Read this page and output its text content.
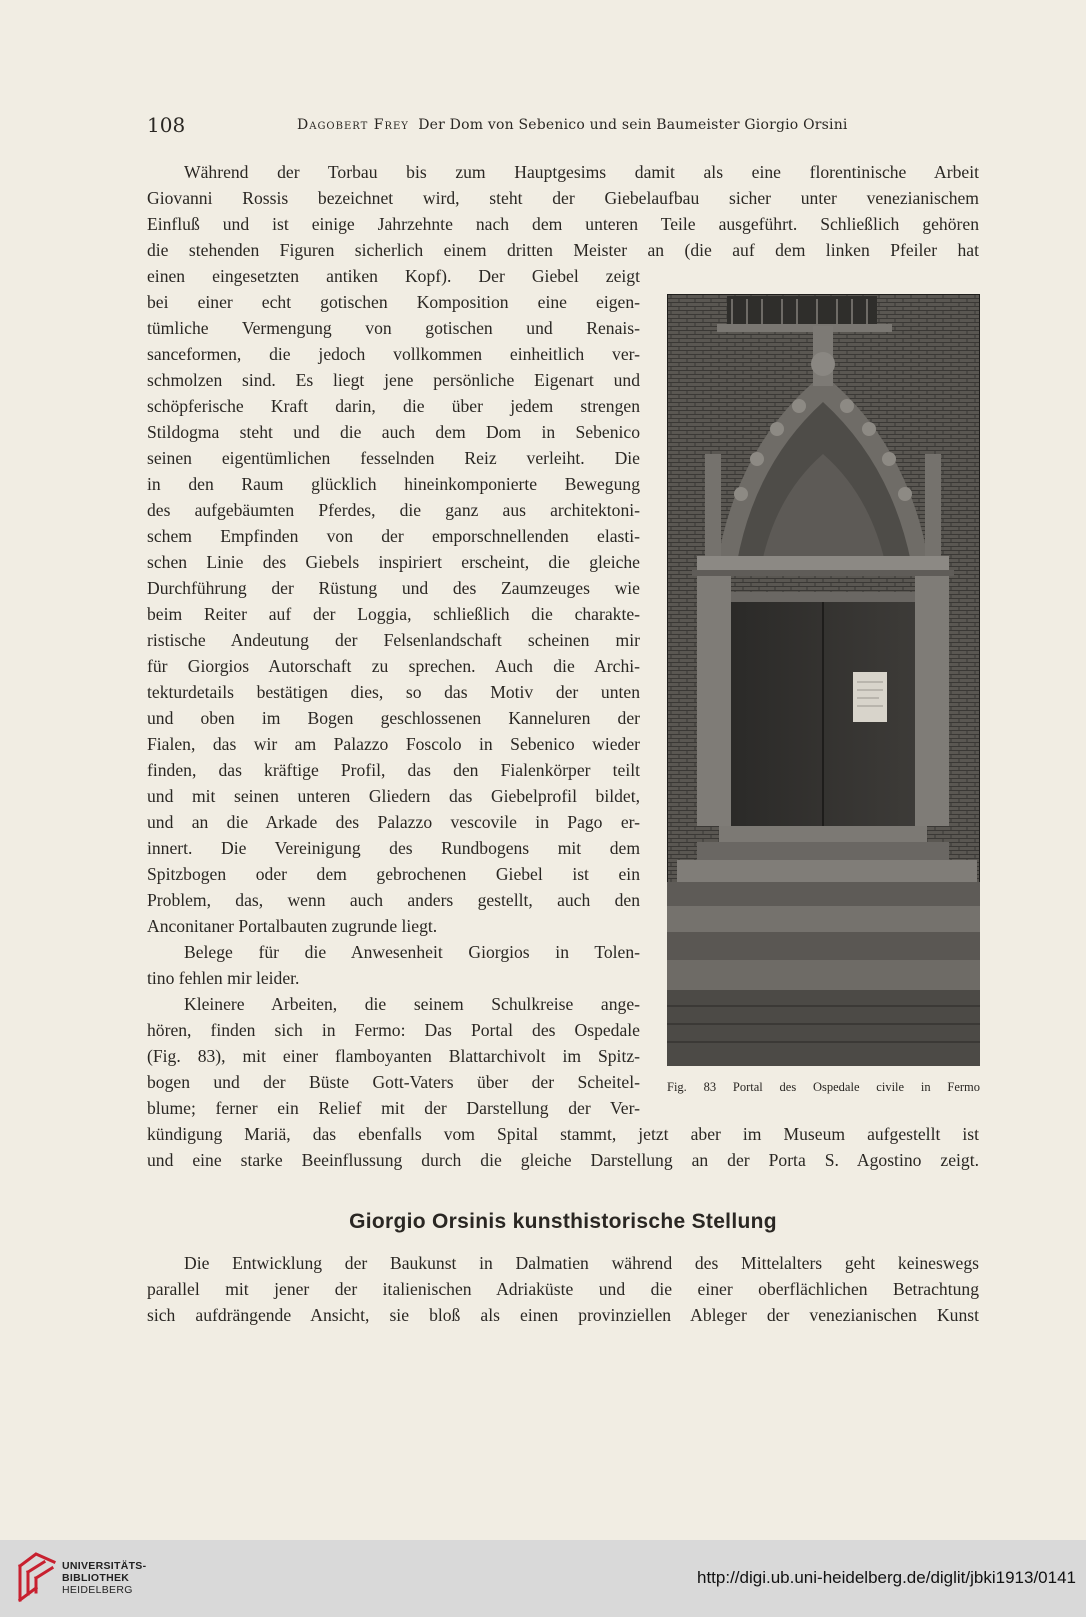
108	Dagobert Frey Der Dom von Sebenico und sein Baumeister Giorgio Orsini

Während der Torbau bis zum Hauptgesims damit als eine florentinische Arbeit

Giovanni Rossis bezeichnet wird, steht der Giebelaufbau sicher unter venezianischem

Einfluß und ist einige Jahrzehnte nach dem unteren Teile ausgeführt. Schließlich gehören

die stehenden Figuren sicherlich einem dritten Meister an (die auf dem linken Pfeiler hat

einen eingesetzten antiken Kopf). Der Giebel zeigt

bei einer echt gotischen Komposition eine eigen-

tümliche Vermengung von gotischen und Renais-

sanceformen, die jedoch vollkommen einheitlich ver-

schmolzen sind. Es liegt jene persönliche Eigenart und

schöpferische Kraft darin, die über jedem strengen

Stildogma steht und die auch dem Dom in Sebenico

seinen eigentümlichen fesselnden Reiz verleiht. Die

in den Raum glücklich hineinkomponierte Bewegung

des aufgebäumten Pferdes, die ganz aus architektoni-

schem Empfinden von der emporschnellenden elasti-

schen Linie des Giebels inspiriert erscheint, die gleiche

Durchführung der Rüstung und des Zaumzeuges wie

beim Reiter auf der Loggia, schließlich die charakte-

ristische Andeutung der Felsenlandschaft scheinen mir

für Giorgios Autorschaft zu sprechen. Auch die Archi-

tekturdetails bestätigen dies, so das Motiv der unten

und oben im Bogen geschlossenen Kanneluren der

Fialen, das wir am Palazzo Foscolo in Sebenico wieder

finden, das kräftige Profil, das den Fialenkörper teilt

und mit seinen unteren Gliedern das Giebelprofil bildet,

und an die Arkade des Palazzo vescovile in Pago er-

innert. Die Vereinigung des Rundbogens mit dem

Spitzbogen oder dem gebrochenen Giebel ist ein

Problem, das, wenn auch anders gestellt, auch den

Anconitaner Portalbauten zugrunde liegt.

Belege für die Anwesenheit Giorgios in Tolen-

tino fehlen mir leider.

Kleinere Arbeiten, die seinem Schulkreise ange-

hören, finden sich in Fermo: Das Portal des Ospedale

(Fig. 83), mit einer flamboyanten Blattarchivolt im Spitz-

bogen und der Büste Gott-Vaters über der Scheitel-

blume; ferner ein Relief mit der Darstellung der Ver-

kündigung Mariä, das ebenfalls vom Spital stammt, jetzt aber im Museum aufgestellt ist

und eine starke Beeinflussung durch die gleiche Darstellung an der Porta S. Agostino zeigt.

Fig. 83 Portal des Ospedale civile in Fermo
Giorgio Orsinis kunsthistorische Stellung

Die Entwicklung der Baukunst in Dalmatien während des Mittelalters geht keineswegs

parallel mit jener der italienischen Adriaküste und die einer oberflächlichen Betrachtung

sich aufdrängende Ansicht, sie bloß als einen provinziellen Ableger der venezianischen Kunst

UNIVERSITÄTS-
BIBLIOTHEK
HEIDELBERG
http://digi.ub.uni-heidelberg.de/diglit/jbki1913/0141
